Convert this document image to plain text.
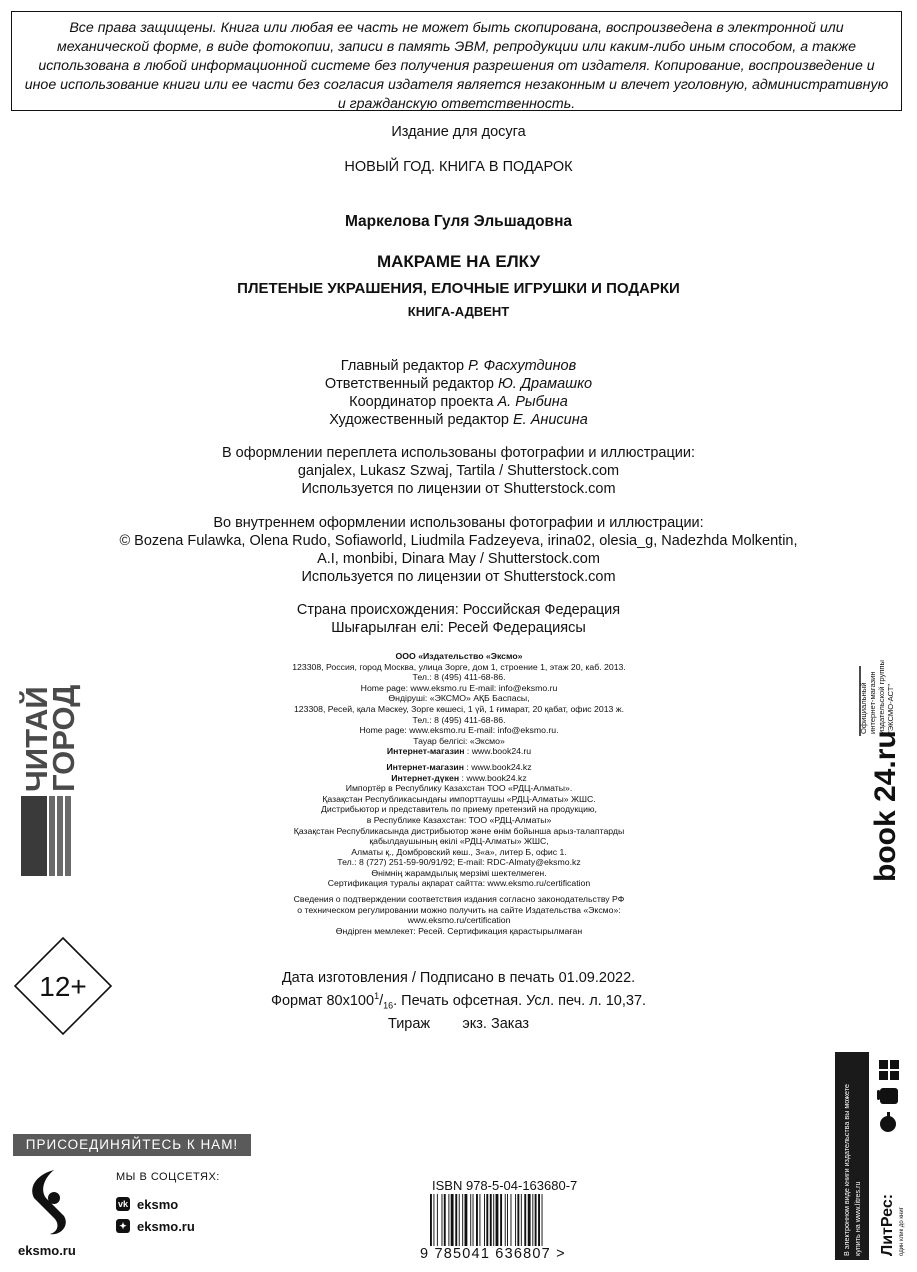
Все права защищены. Книга или любая ее часть не может быть скопирована, воспроизведена в электронной или
механической форме, в виде фотокопии, записи в память ЭВМ, репродукции или каким-либо иным способом, а также
использована в любой информационной системе без получения разрешения от издателя. Копирование, воспроизведение и
иное использование книги или ее части без согласия издателя является незаконным и влечет уголовную, административную
и гражданскую ответственность.
Издание для досуга
НОВЫЙ ГОД. КНИГА В ПОДАРОК
Маркелова Гуля Эльшадовна
МАКРАМЕ НА ЕЛКУ
ПЛЕТЕНЫЕ УКРАШЕНИЯ, ЕЛОЧНЫЕ ИГРУШКИ И ПОДАРКИ
КНИГА-АДВЕНТ
Главный редактор Р. Фасхутдинов
Ответственный редактор Ю. Драмашко
Координатор проекта А. Рыбина
Художественный редактор Е. Анисина
В оформлении переплета использованы фотографии и иллюстрации:
ganjalex, Lukasz Szwaj, Tartila / Shutterstock.com
Используется по лицензии от Shutterstock.com
Во внутреннем оформлении использованы фотографии и иллюстрации:
© Bozena Fulawka, Olena Rudo, Sofiaworld, Liudmila Fadzeyeva, irina02, olesia_g, Nadezhda Molkentin,
A.I, monbibi, Dinara May / Shutterstock.com
Используется по лицензии от Shutterstock.com
Страна происхождения: Российская Федерация
Шығарылған елі: Ресей Федерациясы
ООО «Издательство «Эксмо»
123308, Россия, город Москва, улица Зорге, дом 1, строение 1, этаж 20, каб. 2013.
Тел.: 8 (495) 411-68-86.
Home page: www.eksmo.ru E-mail: info@eksmo.ru
Өндіруші: «ЭКСМО» АҚБ Баспасы,
123308, Ресей, қала Мәскеу, Зорге көшесі, 1 үй, 1 ғимарат, 20 қабат, офис 2013 ж.
Тел.: 8 (495) 411-68-86.
Home page: www.eksmo.ru E-mail: info@eksmo.ru.
Тауар белгісі: «Эксмо»
Интернет-магазин : www.book24.ru
Интернет-магазин : www.book24.kz
Интернет-дүкен : www.book24.kz
Импортёр в Республику Казахстан ТОО «РДЦ-Алматы».
Қазақстан Республикасындағы импорттаушы «РДЦ-Алматы» ЖШС.
Дистрибьютор и представитель по приему претензий на продукцию,
в Республике Казахстан: ТОО «РДЦ-Алматы»
Қазақстан Республикасында дистрибьютор және өнім бойынша арыз-талаптарды
қабылдаушының өкілі «РДЦ-Алматы» ЖШС,
Алматы қ., Домбровский көш., 3«а», литер Б, офис 1.
Тел.: 8 (727) 251-59-90/91/92; E-mail: RDC-Almaty@eksmo.kz
Өнімнің жарамдылық мерзімі шектелмеген.
Сертификация туралы ақпарат сайтта: www.eksmo.ru/certification
Сведения о подтверждении соответствия издания согласно законодательству РФ
о техническом регулировании можно получить на сайте Издательства «Эксмо»:
www.eksmo.ru/certification
Өндірген мемлекет: Ресей. Сертификация қарастырылмаған
Дата изготовления / Подписано в печать 01.09.2022.
Формат $80x100^1/_{16}$. Печать офсетная. Усл. печ. л. 10,37.
Тираж        экз. Заказ
ЧИТАЙ
ГОРОД	book 24.ru
Официальный интернет-магазин издательской группы "ЭКСМО-АСТ"
12+
ПРИСОЕДИНЯЙТЕСЬ К НАМ!
eksmo.ru
МЫ В СОЦСЕТЯХ:
vk eksmo
✦ eksmo.ru
ISBN 978-5-04-163680-7
9 785041 636807 >	В электронном виде книги издательства вы можете купить на www.litres.ru ЛитРес: один клик до книг
